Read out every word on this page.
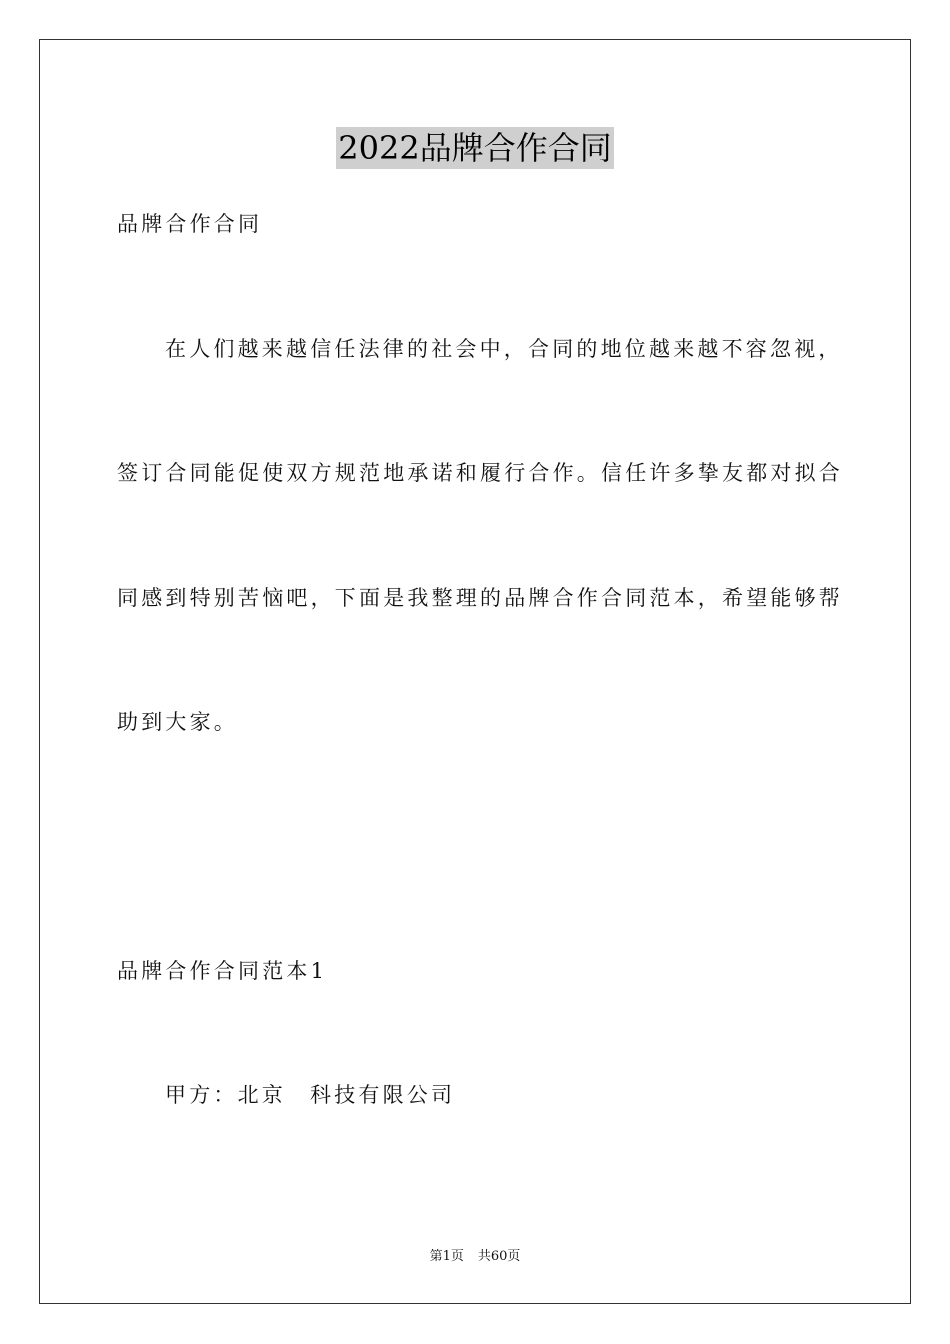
2022品牌合作合同
品牌合作合同
在人们越来越信任法律的社会中，合同的地位越来越不容忽视，
签订合同能促使双方规范地承诺和履行合作。信任许多挚友都对拟合
同感到特别苦恼吧，下面是我整理的品牌合作合同范本，希望能够帮
助到大家。
品牌合作合同范本1
甲方：北京 科技有限公司
第1页 共60页
